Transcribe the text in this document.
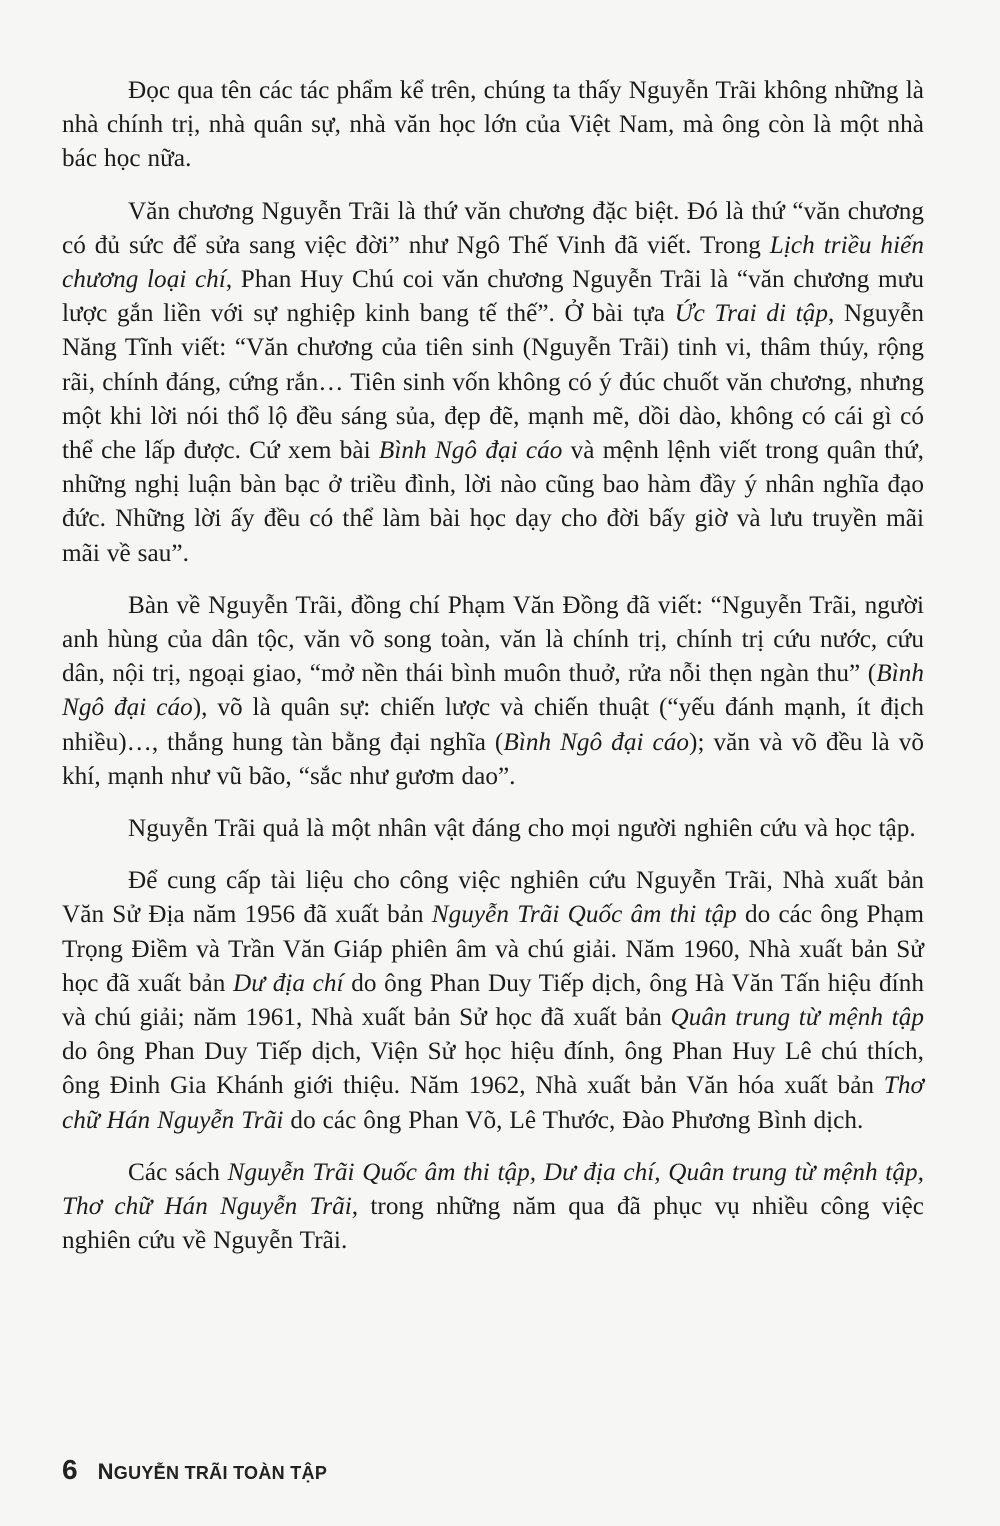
Đọc qua tên các tác phẩm kể trên, chúng ta thấy Nguyễn Trãi không những là nhà chính trị, nhà quân sự, nhà văn học lớn của Việt Nam, mà ông còn là một nhà bác học nữa.

Văn chương Nguyễn Trãi là thứ văn chương đặc biệt. Đó là thứ “văn chương có đủ sức để sửa sang việc đời” như Ngô Thế Vinh đã viết. Trong Lịch triều hiến chương loại chí, Phan Huy Chú coi văn chương Nguyễn Trãi là “văn chương mưu lược gắn liền với sự nghiệp kinh bang tế thế”. Ở bài tựa Ức Trai di tập, Nguyễn Năng Tĩnh viết: “Văn chương của tiên sinh (Nguyễn Trãi) tinh vi, thâm thúy, rộng rãi, chính đáng, cứng rắn… Tiên sinh vốn không có ý đúc chuốt văn chương, nhưng một khi lời nói thổ lộ đều sáng sủa, đẹp đẽ, mạnh mẽ, dồi dào, không có cái gì có thể che lấp được. Cứ xem bài Bình Ngô đại cáo và mệnh lệnh viết trong quân thứ, những nghị luận bàn bạc ở triều đình, lời nào cũng bao hàm đầy ý nhân nghĩa đạo đức. Những lời ấy đều có thể làm bài học dạy cho đời bấy giờ và lưu truyền mãi mãi về sau”.

Bàn về Nguyễn Trãi, đồng chí Phạm Văn Đồng đã viết: “Nguyễn Trãi, người anh hùng của dân tộc, văn võ song toàn, văn là chính trị, chính trị cứu nước, cứu dân, nội trị, ngoại giao, “mở nền thái bình muôn thuở, rửa nỗi thẹn ngàn thu” (Bình Ngô đại cáo), võ là quân sự: chiến lược và chiến thuật (“yếu đánh mạnh, ít địch nhiều)…, thắng hung tàn bằng đại nghĩa (Bình Ngô đại cáo); văn và võ đều là võ khí, mạnh như vũ bão, “sắc như gươm dao”.

Nguyễn Trãi quả là một nhân vật đáng cho mọi người nghiên cứu và học tập.

Để cung cấp tài liệu cho công việc nghiên cứu Nguyễn Trãi, Nhà xuất bản Văn Sử Địa năm 1956 đã xuất bản Nguyễn Trãi Quốc âm thi tập do các ông Phạm Trọng Điềm và Trần Văn Giáp phiên âm và chú giải. Năm 1960, Nhà xuất bản Sử học đã xuất bản Dư địa chí do ông Phan Duy Tiếp dịch, ông Hà Văn Tấn hiệu đính và chú giải; năm 1961, Nhà xuất bản Sử học đã xuất bản Quân trung từ mệnh tập do ông Phan Duy Tiếp dịch, Viện Sử học hiệu đính, ông Phan Huy Lê chú thích, ông Đinh Gia Khánh giới thiệu. Năm 1962, Nhà xuất bản Văn hóa xuất bản Thơ chữ Hán Nguyễn Trãi do các ông Phan Võ, Lê Thước, Đào Phương Bình dịch.

Các sách Nguyễn Trãi Quốc âm thi tập, Dư địa chí, Quân trung từ mệnh tập, Thơ chữ Hán Nguyễn Trãi, trong những năm qua đã phục vụ nhiều công việc nghiên cứu về Nguyễn Trãi.

6 NGUYỄN TRÃI TOÀN TẬP
